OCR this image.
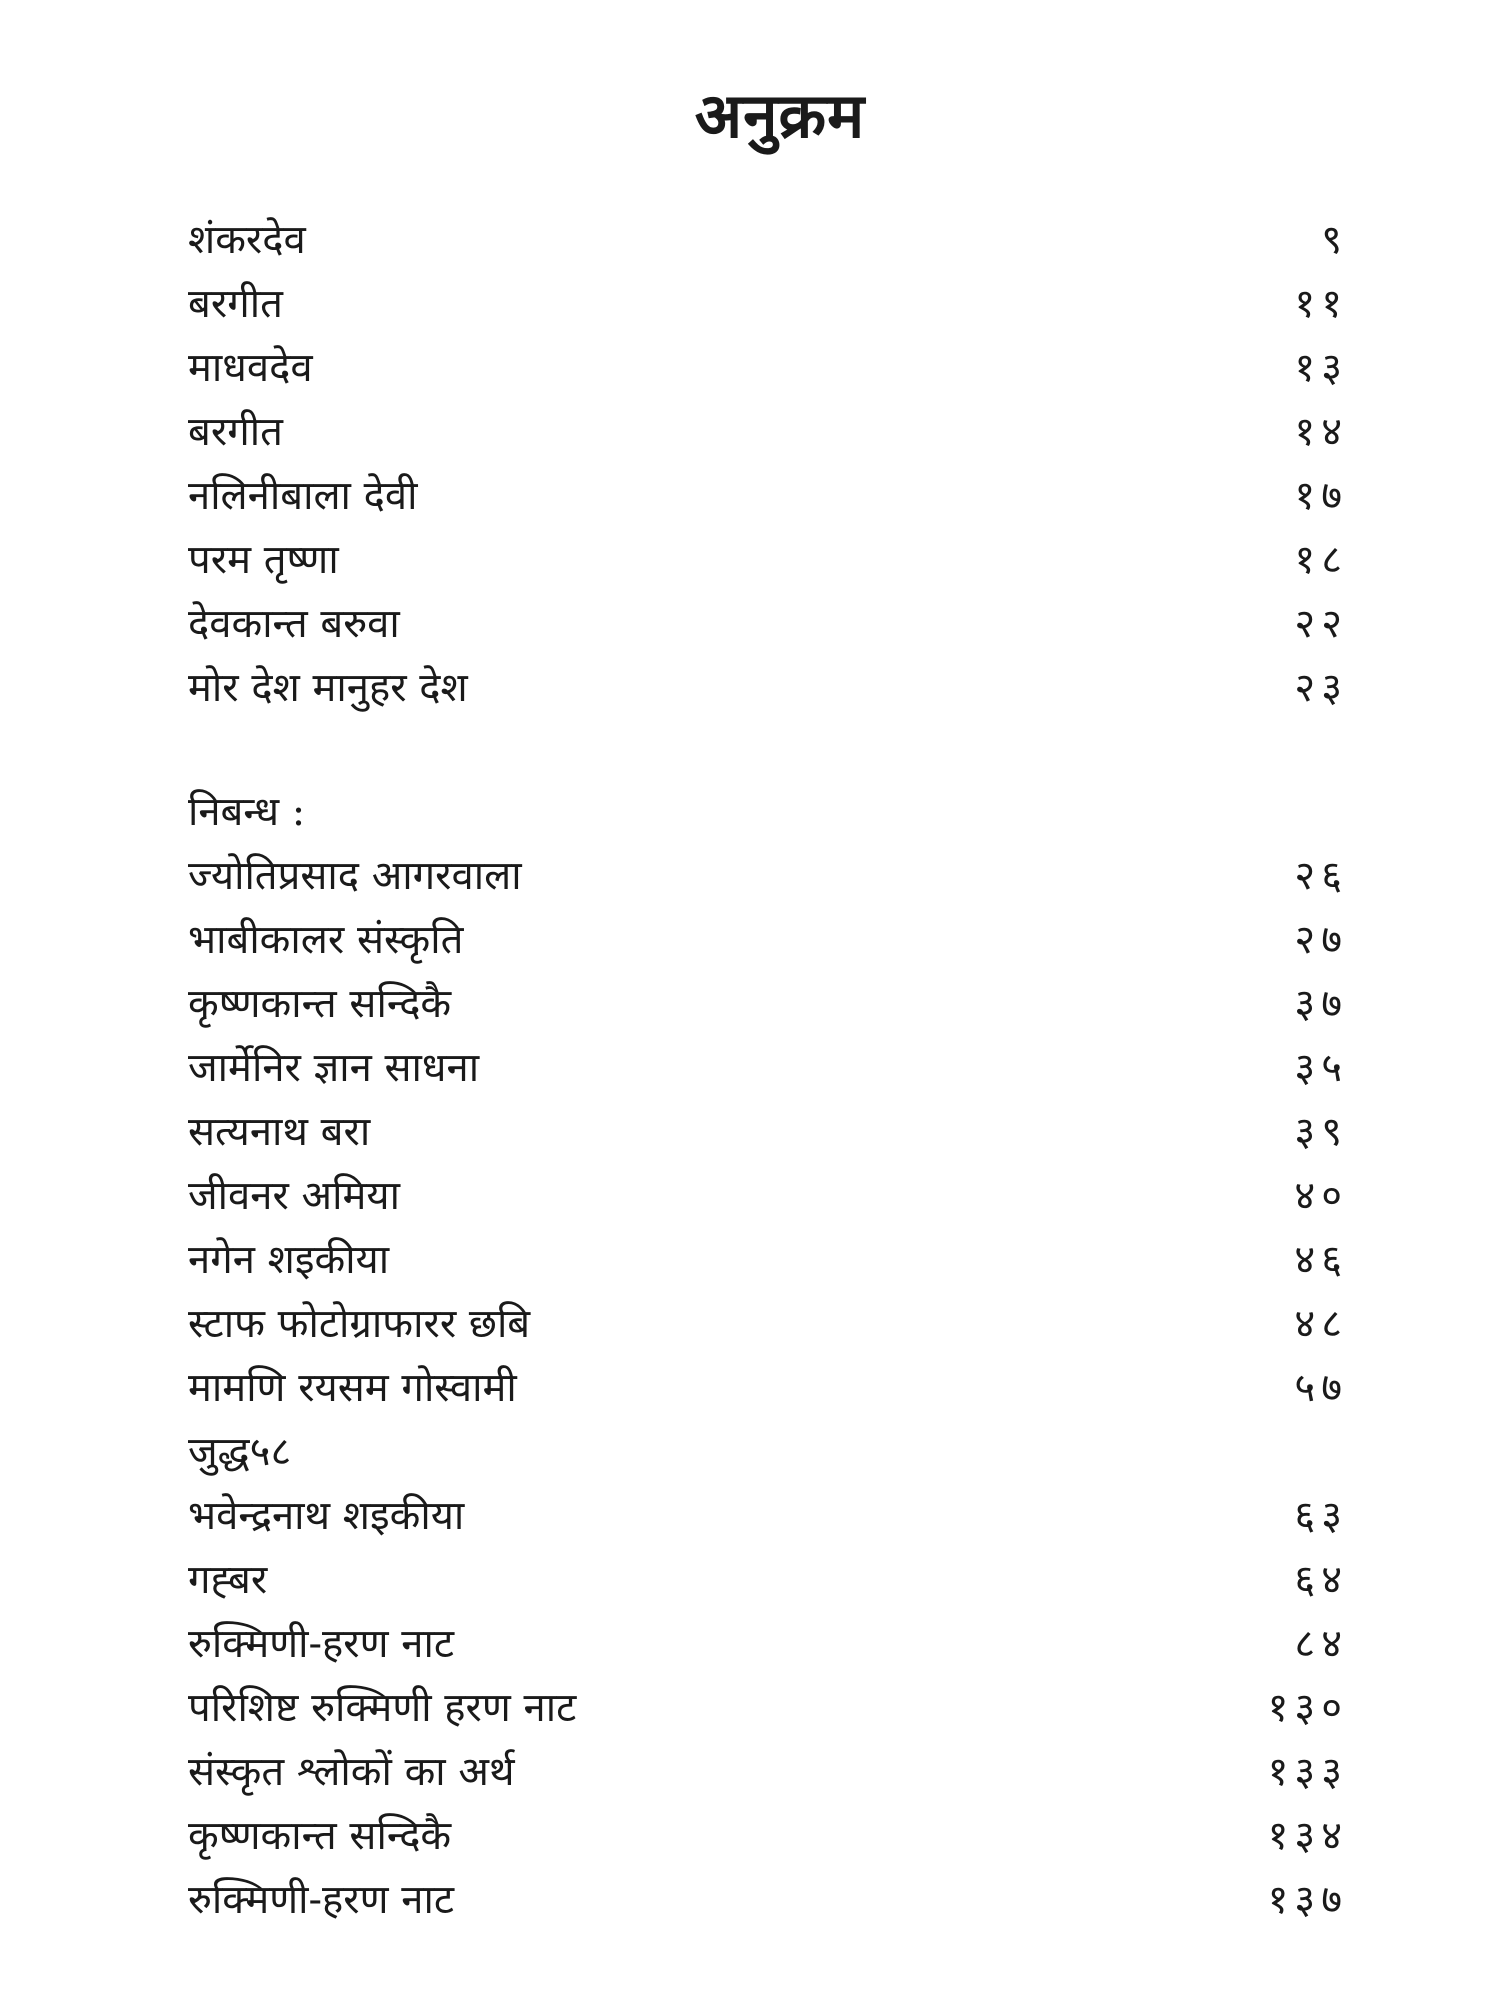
अनुक्रम
शंकरदेव	९
बरगीत	११
माधवदेव	१३
बरगीत	१४
नलिनीबाला देवी	१७
परम तृष्णा	१८
देवकान्त बरुवा	२२
मोर देश मानुहर देश	२३
निबन्ध :
ज्योतिप्रसाद आगरवाला	२६
भाबीकालर संस्कृति	२७
कृष्णकान्त सन्दिकै	३७
जार्मेनिर ज्ञान साधना	३५
सत्यनाथ बरा	३९
जीवनर अमिया	४०
नगेन शइकीया	४६
स्टाफ फोटोग्राफारर छबि	४८
मामणि रयसम गोस्वामी	५७
जुद्ध५८
भवेन्द्रनाथ शइकीया	६३
गह्बर	६४
रुक्मिणी-हरण नाट	८४
परिशिष्ट रुक्मिणी हरण नाट	१३०
संस्कृत श्लोकों का अर्थ	१३३
कृष्णकान्त सन्दिकै	१३४
रुक्मिणी-हरण नाट	१३७
